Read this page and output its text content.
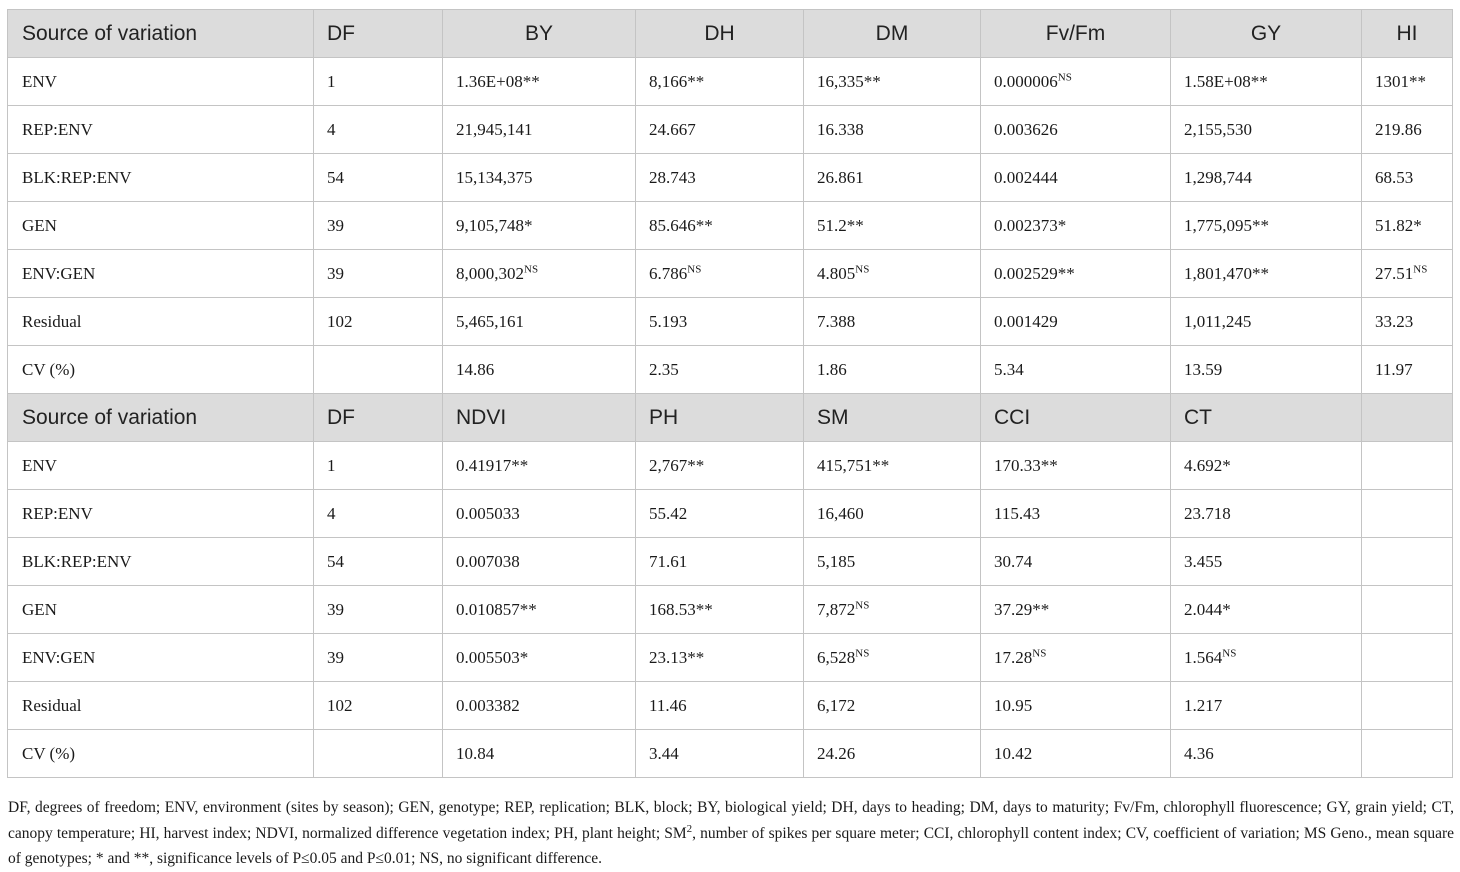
Source of variation	DF	BY	DH	DM	Fv/Fm	GY	HI
ENV	1	1.36E+08**	8,166**	16,335**	$0.000006^{NS}$	1.58E+08**	1301**
REP:ENV	4	21,945,141	24.667	16.338	0.003626	2,155,530	219.86
BLK:REP:ENV	54	15,134,375	28.743	26.861	0.002444	1,298,744	68.53
GEN	39	9,105,748*	85.646**	51.2**	0.002373*	1,775,095**	51.82*
ENV:GEN	39	$8,000,302^{NS}$	$6.786^{NS}$	$4.805^{NS}$	0.002529**	1,801,470**	$27.51^{NS}$
Residual	102	5,465,161	5.193	7.388	0.001429	1,011,245	33.23
CV (%)		14.86	2.35	1.86	5.34	13.59	11.97
Source of variation	DF	NDVI	PH	SM	CCI	CT	
ENV	1	0.41917**	2,767**	415,751**	170.33**	4.692*	
REP:ENV	4	0.005033	55.42	16,460	115.43	23.718	
BLK:REP:ENV	54	0.007038	71.61	5,185	30.74	3.455	
GEN	39	0.010857**	168.53**	$7,872^{NS}$	37.29**	2.044*	
ENV:GEN	39	0.005503*	23.13**	$6,528^{NS}$	$17.28^{NS}$	$1.564^{NS}$	
Residual	102	0.003382	11.46	6,172	10.95	1.217	
CV (%)		10.84	3.44	24.26	10.42	4.36	
DF, degrees of freedom; ENV, environment (sites by season); GEN, genotype; REP, replication; BLK, block; BY, biological yield; DH, days to heading; DM, days to maturity; Fv/Fm, chlorophyll fluorescence; GY, grain yield; CT, canopy temperature; HI, harvest index; NDVI, normalized difference vegetation index; PH, plant height; $SM^2$, number of spikes per square meter; CCI, chlorophyll content index; CV, coefficient of variation; MS Geno., mean square of genotypes; * and **, significance levels of P≤0.05 and P≤0.01; NS, no significant difference.
